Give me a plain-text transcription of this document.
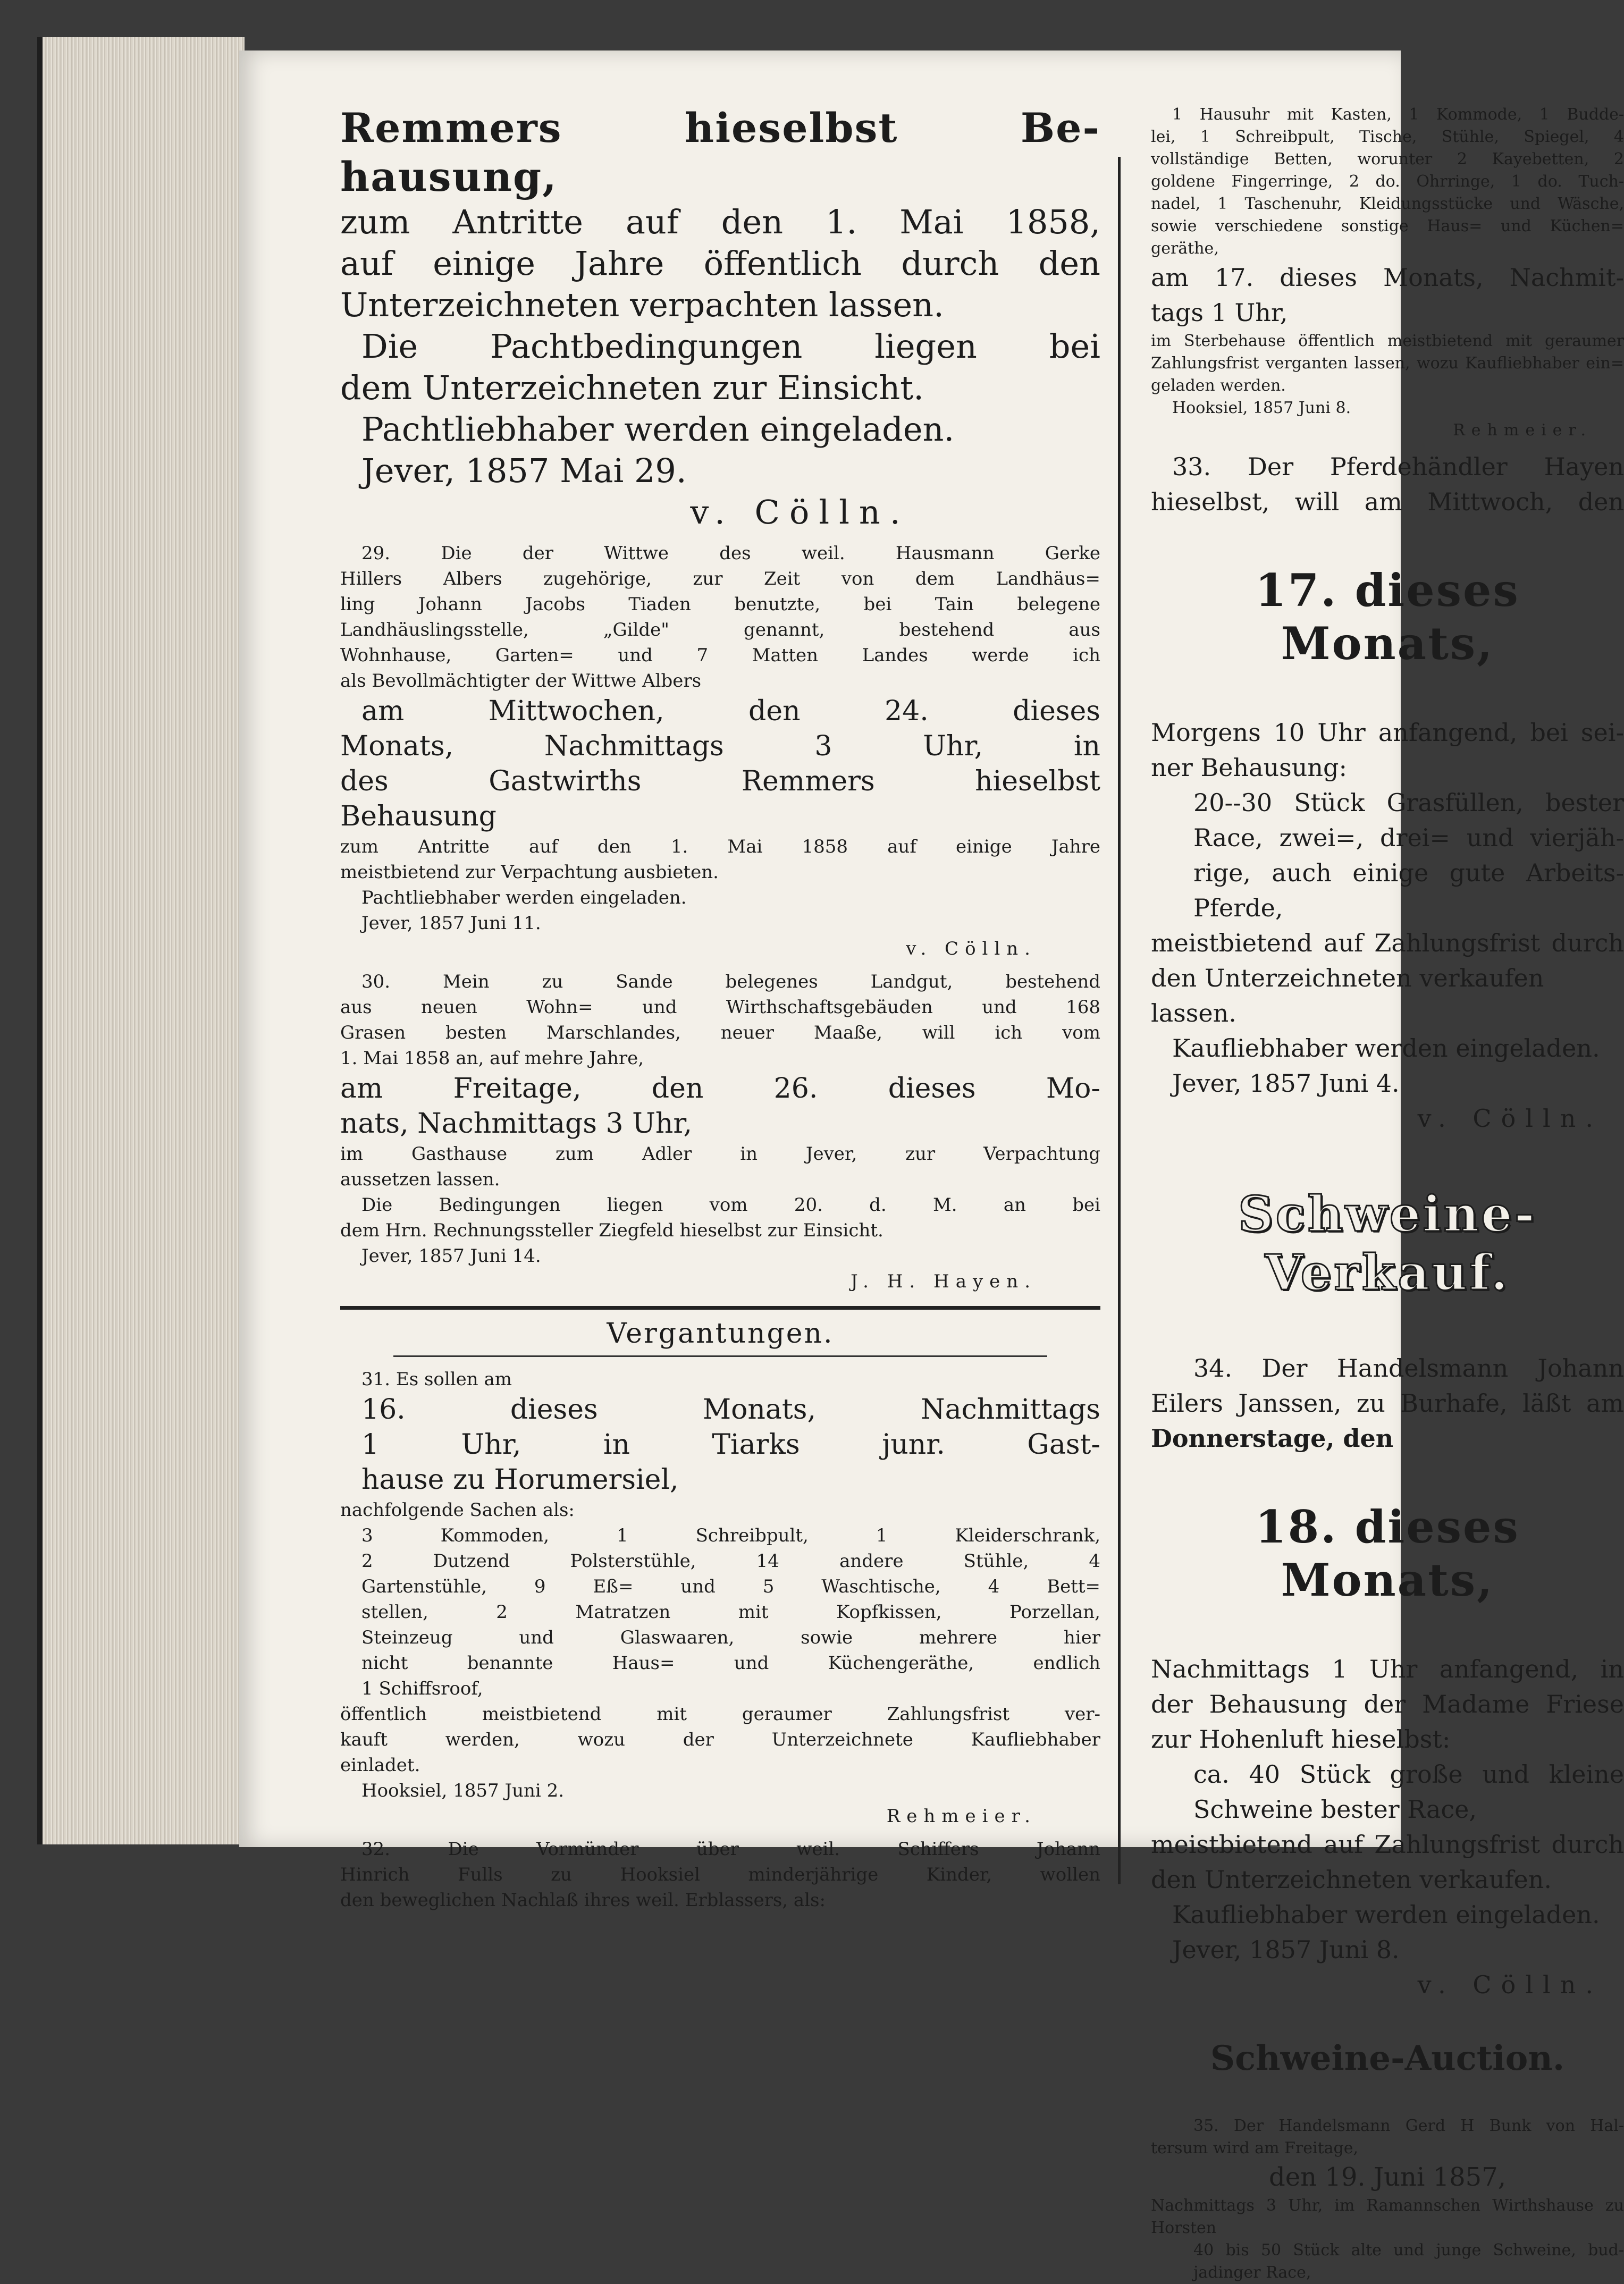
Remmers hieselbst Be-

hausung,

zum Antritte auf den 1. Mai 1858,

auf einige Jahre öffentlich durch den

Unterzeichneten verpachten lassen.

Die Pachtbedingungen liegen bei

dem Unterzeichneten zur Einsicht.

Pachtliebhaber werden eingeladen.

Jever, 1857 Mai 29.

v. Cölln.

29. Die der Wittwe des weil. Hausmann Gerke

Hillers Albers zugehörige, zur Zeit von dem Landhäus=

ling Johann Jacobs Tiaden benutzte, bei Tain belegene

Landhäuslingsstelle, „Gilde" genannt, bestehend aus

Wohnhause, Garten= und 7 Matten Landes werde ich

als Bevollmächtigter der Wittwe Albers

am Mittwochen, den 24. dieses

Monats, Nachmittags 3 Uhr, in

des Gastwirths Remmers hieselbst

Behausung

zum Antritte auf den 1. Mai 1858 auf einige Jahre

meistbietend zur Verpachtung ausbieten.

Pachtliebhaber werden eingeladen.

Jever, 1857 Juni 11.

v. Cölln.

30. Mein zu Sande belegenes Landgut, bestehend

aus neuen Wohn= und Wirthschaftsgebäuden und 168

Grasen besten Marschlandes, neuer Maaße, will ich vom

1. Mai 1858 an, auf mehre Jahre,

am Freitage, den 26. dieses Mo-

nats, Nachmittags 3 Uhr,

im Gasthause zum Adler in Jever, zur Verpachtung

aussetzen lassen.

Die Bedingungen liegen vom 20. d. M. an bei

dem Hrn. Rechnungssteller Ziegfeld hieselbst zur Einsicht.

Jever, 1857 Juni 14.

J. H. Hayen.

Vergantungen.

31. Es sollen am

16. dieses Monats, Nachmittags

1 Uhr, in Tiarks junr. Gast-

hause zu Horumersiel,

nachfolgende Sachen als:

3 Kommoden, 1 Schreibpult, 1 Kleiderschrank,

2 Dutzend Polsterstühle, 14 andere Stühle, 4

Gartenstühle, 9 Eß= und 5 Waschtische, 4 Bett=

stellen, 2 Matratzen mit Kopfkissen, Porzellan,

Steinzeug und Glaswaaren, sowie mehrere hier

nicht benannte Haus= und Küchengeräthe, endlich

1 Schiffsroof,

öffentlich meistbietend mit geraumer Zahlungsfrist ver-

kauft werden, wozu der Unterzeichnete Kaufliebhaber

einladet.

Hooksiel, 1857 Juni 2.

Rehmeier.

32. Die Vormünder über weil. Schiffers Johann

Hinrich Fulls zu Hooksiel minderjährige Kinder, wollen

den beweglichen Nachlaß ihres weil. Erblassers, als:

1 Hausuhr mit Kasten, 1 Kommode, 1 Budde-

lei, 1 Schreibpult, Tische, Stühle, Spiegel, 4

vollständige Betten, worunter 2 Kayebetten, 2

goldene Fingerringe, 2 do. Ohrringe, 1 do. Tuch-

nadel, 1 Taschenuhr, Kleidungsstücke und Wäsche,

sowie verschiedene sonstige Haus= und Küchen=

geräthe,

am 17. dieses Monats, Nachmit-

tags 1 Uhr,

im Sterbehause öffentlich meistbietend mit geraumer

Zahlungsfrist verganten lassen, wozu Kaufliebhaber ein=

geladen werden.

Hooksiel, 1857 Juni 8.

Rehmeier.

33. Der Pferdehändler Hayen

hieselbst, will am Mittwoch, den

17. dieses Monats,

Morgens 10 Uhr anfangend, bei sei-

ner Behausung:

20--30 Stück Grasfüllen, bester

Race, zwei=, drei= und vierjäh-

rige, auch einige gute Arbeits-

Pferde,

meistbietend auf Zahlungsfrist durch

den Unterzeichneten verkaufen lassen.

Kaufliebhaber werden eingeladen.

Jever, 1857 Juni 4.

v. Cölln.

Schweine-Verkauf.

34. Der Handelsmann Johann

Eilers Janssen, zu Burhafe, läßt am

Donnerstage, den

18. dieses Monats,

Nachmittags 1 Uhr anfangend, in

der Behausung der Madame Friese

zur Hohenluft hieselbst:

ca. 40 Stück große und kleine

Schweine bester Race,

meistbietend auf Zahlungsfrist durch

den Unterzeichneten verkaufen.

Kaufliebhaber werden eingeladen.

Jever, 1857 Juni 8.

v. Cölln.

Schweine-Auction.

35. Der Handelsmann Gerd H Bunk von Hal-

tersum wird am Freitage,

den 19. Juni 1857,

Nachmittags 3 Uhr, im Ramannschen Wirthshause zu

Horsten

40 bis 50 Stück alte und junge Schweine, bud-

jadinger Race,
